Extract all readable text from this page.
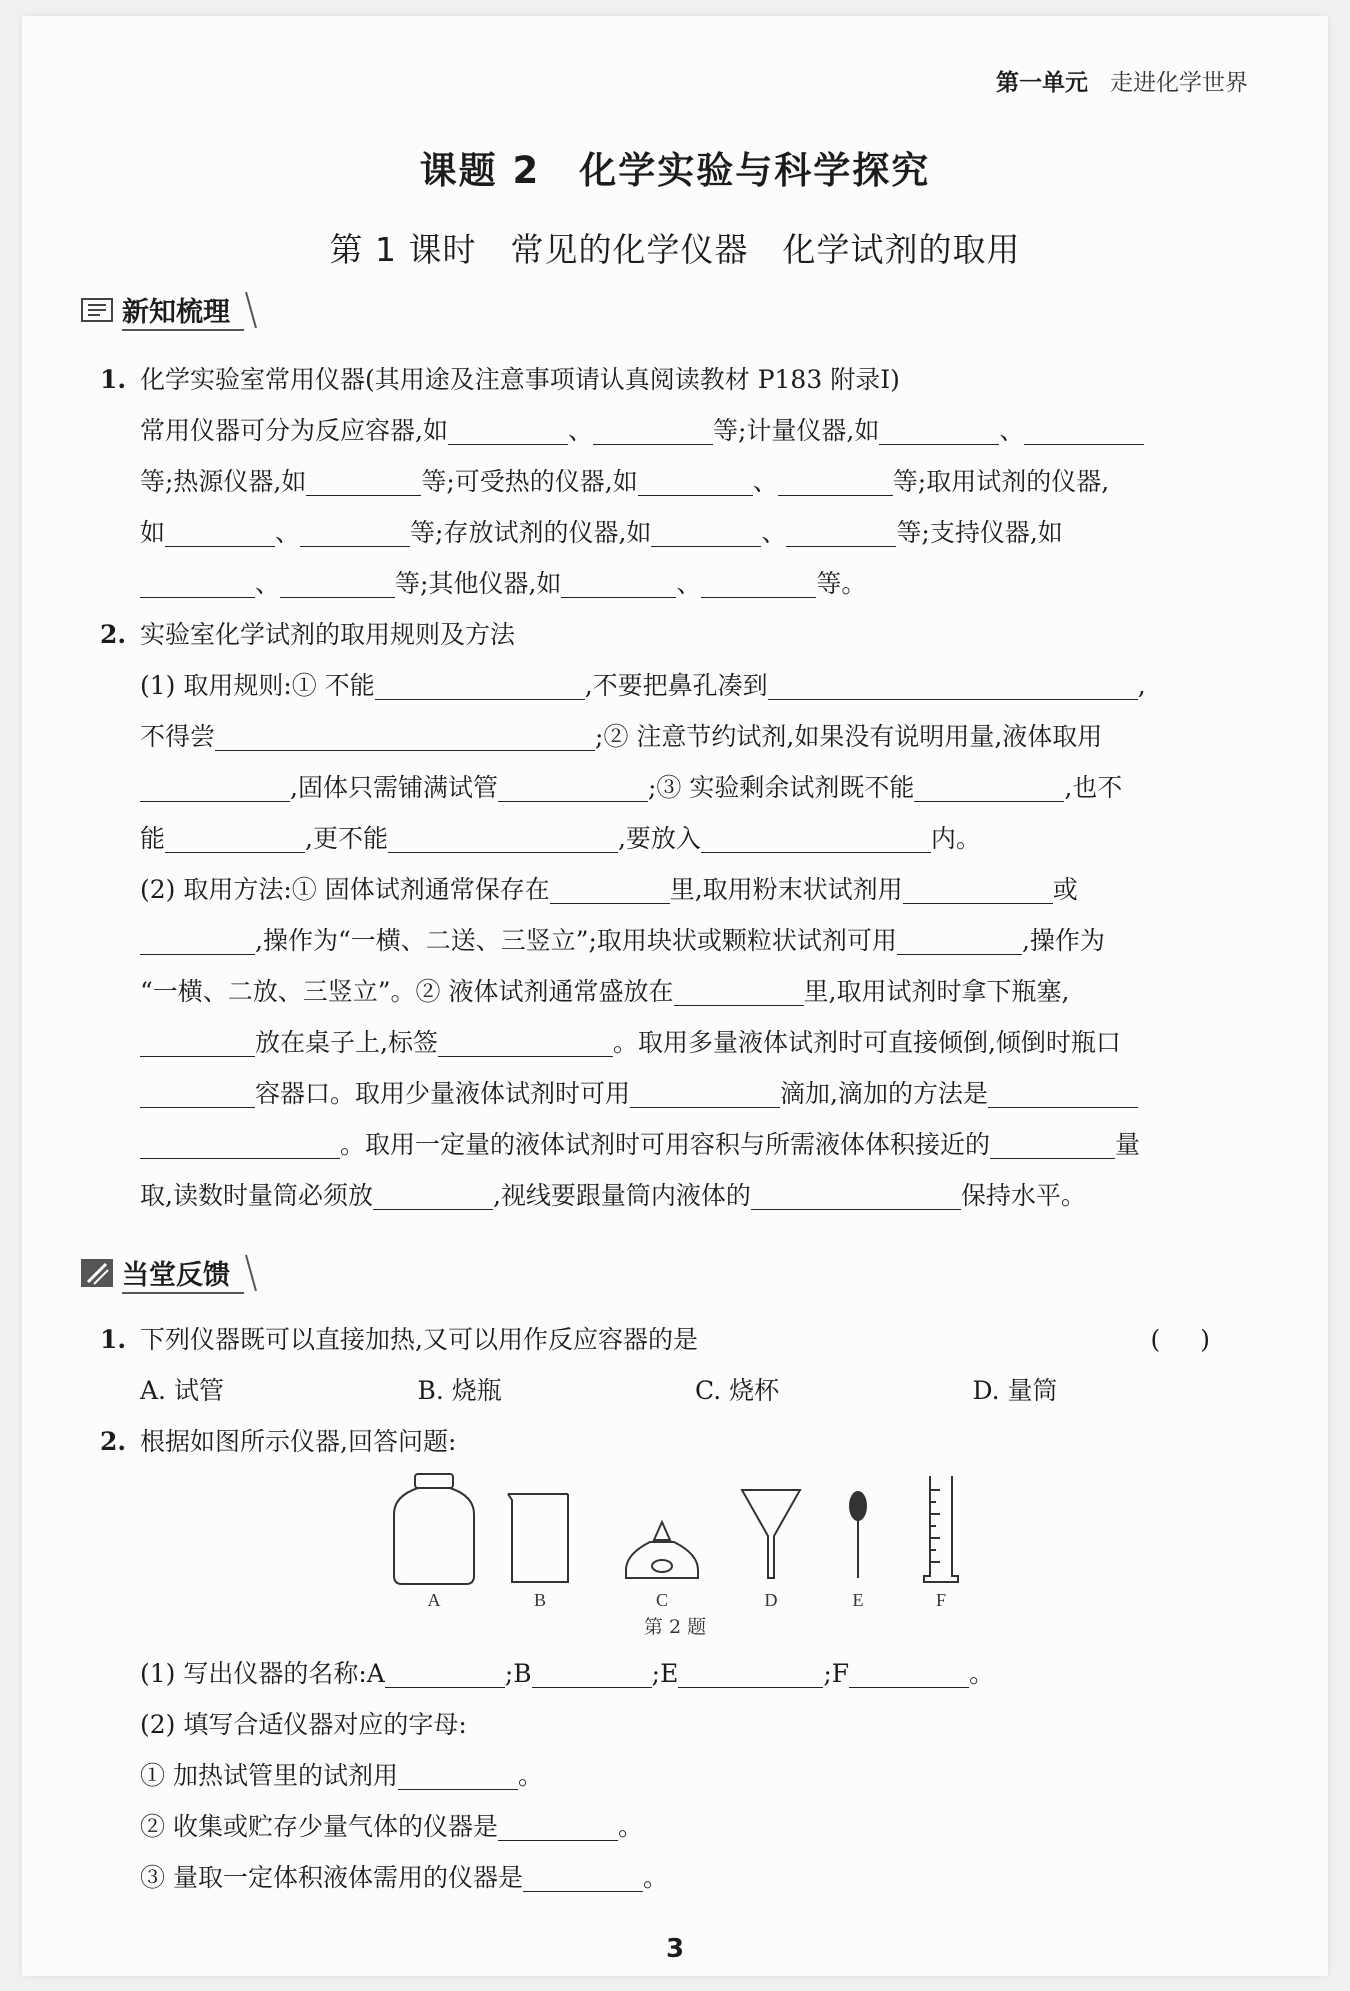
第一单元 走进化学世界
课题 2　化学实验与科学探究
第 1 课时　常见的化学仪器　化学试剂的取用
新知梳理
1. 化学实验室常用仪器(其用途及注意事项请认真阅读教材 P183 附录Ⅰ)
常用仪器可分为反应容器,如	、	等;计量仪器,如	、
等;热源仪器,如	等;可受热的仪器,如	、	等;取用试剂的仪器,
如	、	等;存放试剂的仪器,如	、	等;支持仪器,如
、	等;其他仪器,如	、	等。
2. 实验室化学试剂的取用规则及方法
(1) 取用规则:① 不能	,不要把鼻孔凑到	,
不得尝	;② 注意节约试剂,如果没有说明用量,液体取用
,固体只需铺满试管	;③ 实验剩余试剂既不能	,也不
能	,更不能	,要放入	内。
(2) 取用方法:① 固体试剂通常保存在	里,取用粉末状试剂用	或
,操作为“一横、二送、三竖立”;取用块状或颗粒状试剂可用	,操作为
“一横、二放、三竖立”。② 液体试剂通常盛放在	里,取用试剂时拿下瓶塞,
放在桌子上,标签	。取用多量液体试剂时可直接倾倒,倾倒时瓶口
容器口。取用少量液体试剂时可用	滴加,滴加的方法是
。取用一定量的液体试剂时可用容积与所需液体体积接近的	量
取,读数时量筒必须放	,视线要跟量筒内液体的	保持水平。
当堂反馈
1. 下列仪器既可以直接加热,又可以用作反应容器的是	()
A. 试管	B. 烧瓶	C. 烧杯	D. 量筒
2. 根据如图所示仪器,回答问题:
A	B	C	D	E	F
第 2 题
(1) 写出仪器的名称:A	;B	;E	;F	。
(2) 填写合适仪器对应的字母:
① 加热试管里的试剂用	。
② 收集或贮存少量气体的仪器是	。
③ 量取一定体积液体需用的仪器是	。
3
